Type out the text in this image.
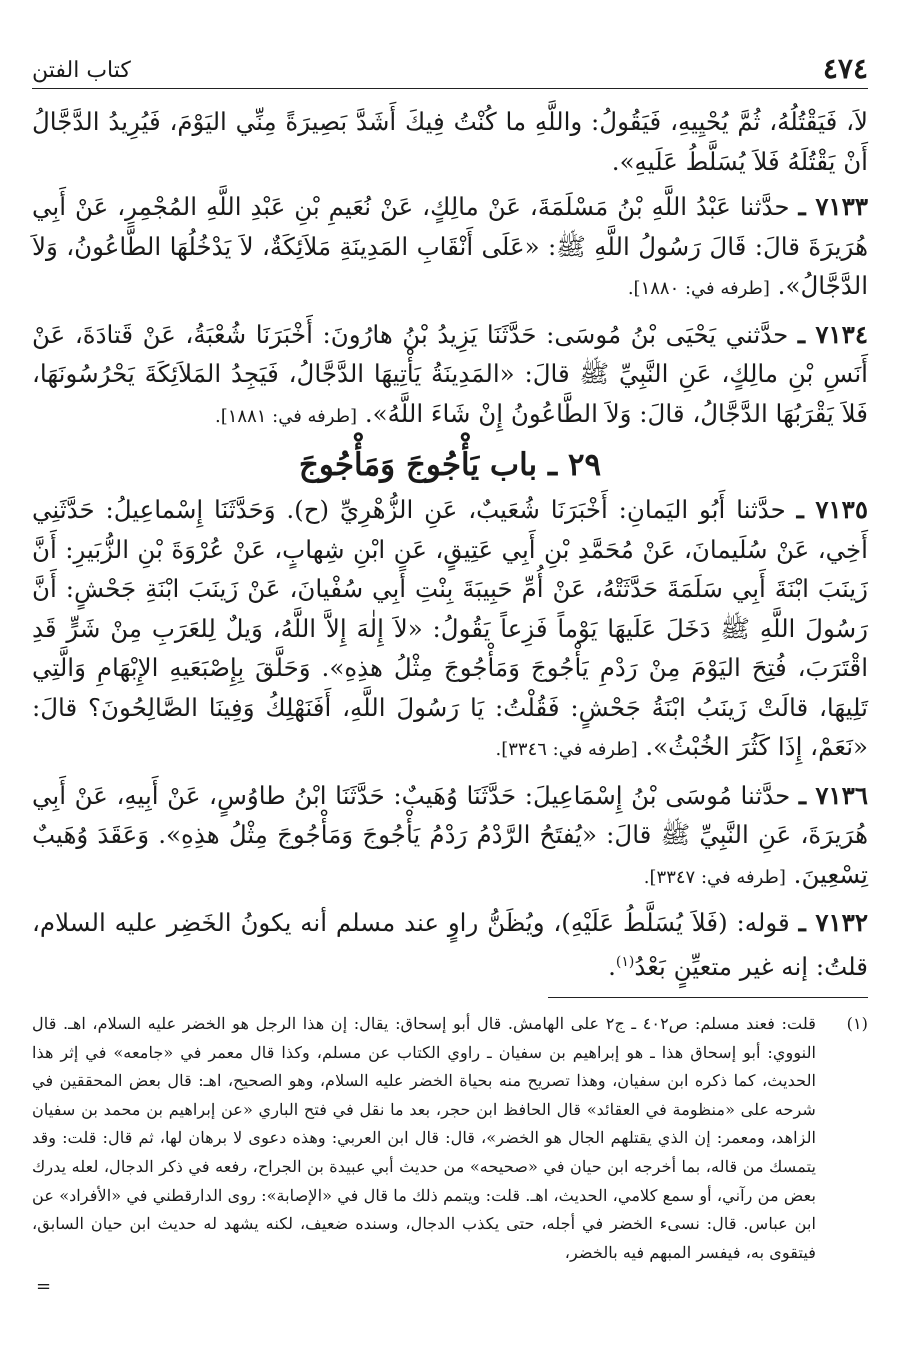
٤٧٤
كتاب الفتن

لاَ، فَيَقْتُلُهُ، ثُمَّ يُحْيِيهِ، فَيَقُولُ: واللَّهِ ما كُنْتُ فِيكَ أَشَدَّ بَصِيرَةً مِنِّي اليَوْمَ، فَيُرِيدُ الدَّجَّالُ أَنْ يَقْتُلَهُ فَلاَ يُسَلَّطُ عَلَيهِ».

٧١٣٣ ـ حدَّثنا عَبْدُ اللَّهِ بْنُ مَسْلَمَةَ، عَنْ مالِكٍ، عَنْ نُعَيمِ بْنِ عَبْدِ اللَّهِ المُجْمِرِ، عَنْ أَبِي هُرَيرَةَ قالَ: قَالَ رَسُولُ اللَّهِ ﷺ: «عَلَى أَنْقَابِ المَدِينَةِ مَلاَئِكَةٌ، لاَ يَدْخُلُهَا الطَّاعُونُ، وَلاَ الدَّجَّالُ». [طرفه في: ١٨٨٠].

٧١٣٤ ـ حدَّثني يَحْيَى بْنُ مُوسَى: حَدَّثَنَا يَزِيدُ بْنُ هارُونَ: أَخْبَرَنَا شُعْبَةُ، عَنْ قَتادَةَ، عَنْ أَنَسِ بْنِ مالِكٍ، عَنِ النَّبِيِّ ﷺ قالَ: «المَدِينَةُ يَأْتِيهَا الدَّجَّالُ، فَيَجِدُ المَلاَئِكَةَ يَحْرُسُونَهَا، فَلاَ يَقْرَبُهَا الدَّجَّالُ، قالَ: وَلاَ الطَّاعُونُ إِنْ شَاءَ اللَّهُ». [طرفه في: ١٨٨١].

٢٩ ـ باب يَأْجُوجَ وَمَأْجُوجَ

٧١٣٥ ـ حدَّثنا أَبُو اليَمانِ: أَخْبَرَنَا شُعَيبٌ، عَنِ الزُّهْرِيِّ (ح). وَحَدَّثَنَا إِسْماعِيلُ: حَدَّثَنِي أَخِي، عَنْ سُلَيمانَ، عَنْ مُحَمَّدِ بْنِ أَبِي عَتِيقٍ، عَنِ ابْنِ شِهابٍ، عَنْ عُرْوَةَ بْنِ الزُّبَيرِ: أَنَّ زَينَبَ ابْنَةَ أَبِي سَلَمَةَ حَدَّثَتْهُ، عَنْ أُمِّ حَبِيبَةَ بِنْتِ أَبِي سُفْيانَ، عَنْ زَينَبَ ابْنَةِ جَحْشٍ: أَنَّ رَسُولَ اللَّهِ ﷺ دَخَلَ عَلَيهَا يَوْماً فَزِعاً يَقُولُ: «لاَ إِلٰهَ إِلاَّ اللَّهُ، وَيلٌ لِلعَرَبِ مِنْ شَرٍّ قَدِ اقْتَرَبَ، فُتِحَ اليَوْمَ مِنْ رَدْمِ يَأْجُوجَ وَمَأْجُوجَ مِثْلُ هذِهِ». وَحَلَّقَ بِإِصْبَعَيهِ الإِبْهَامِ وَالَّتِي تَلِيهَا، قالَتْ زَينَبُ ابْنَةُ جَحْشٍ: فَقُلْتُ: يَا رَسُولَ اللَّهِ، أَفَنَهْلِكُ وَفِينَا الصَّالِحُونَ؟ قالَ: «نَعَمْ، إِذَا كَثُرَ الخُبْثُ». [طرفه في: ٣٣٤٦].

٧١٣٦ ـ حدَّثنا مُوسَى بْنُ إِسْمَاعِيلَ: حَدَّثَنَا وُهَيبٌ: حَدَّثَنَا ابْنُ طاوُسٍ، عَنْ أَبِيهِ، عَنْ أَبِي هُرَيرَةَ، عَنِ النَّبِيِّ ﷺ قالَ: «يُفتَحُ الرَّدْمُ رَدْمُ يَأْجُوجَ وَمَأْجُوجَ مِثْلُ هذِهِ». وَعَقَدَ وُهَيبٌ تِسْعِينَ. [طرفه في: ٣٣٤٧].

٧١٣٢ ـ قوله: (فَلاَ يُسَلَّطُ عَلَيْهِ)، ويُظَنُّ راوٍ عند مسلم أنه يكونُ الخَضِر عليه السلام، قلتُ: إنه غير متعيِّنٍ بَعْدُ$^{(١)}$.

(١)
قلت: فعند مسلم: ص٤٠٢ ـ ج٢ على الهامش. قال أبو إسحاق: يقال: إن هذا الرجل هو الخضر عليه السلام، اهـ. قال النووي: أبو إسحاق هذا ـ هو إبراهيم بن سفيان ـ راوي الكتاب عن مسلم، وكذا قال معمر في «جامعه» في إثر هذا الحديث، كما ذكره ابن سفيان، وهذا تصريح منه بحياة الخضر عليه السلام، وهو الصحيح، اهـ: قال بعض المحققين في شرحه على «منظومة في العقائد» قال الحافظ ابن حجر، بعد ما نقل في فتح الباري «عن إبراهيم بن محمد بن سفيان الزاهد، ومعمر: إن الذي يقتلهم الجال هو الخضر»، قال: قال ابن العربي: وهذه دعوى لا برهان لها، ثم قال: قلت: وقد يتمسك من قاله، بما أخرجه ابن حيان في «صحيحه» من حديث أبي عبيدة بن الجراح، رفعه في ذكر الدجال، لعله يدرك بعض من رآني، أو سمع كلامي، الحديث، اهـ. قلت: ويتمم ذلك ما قال في «الإصابة»: روى الدارقطني في «الأفراد» عن ابن عباس. قال: نسىء الخضر في أجله، حتى يكذب الدجال، وسنده ضعيف، لكنه يشهد له حديث ابن حيان السابق، فيتقوى به، فيفسر المبهم فيه بالخضر،
=
